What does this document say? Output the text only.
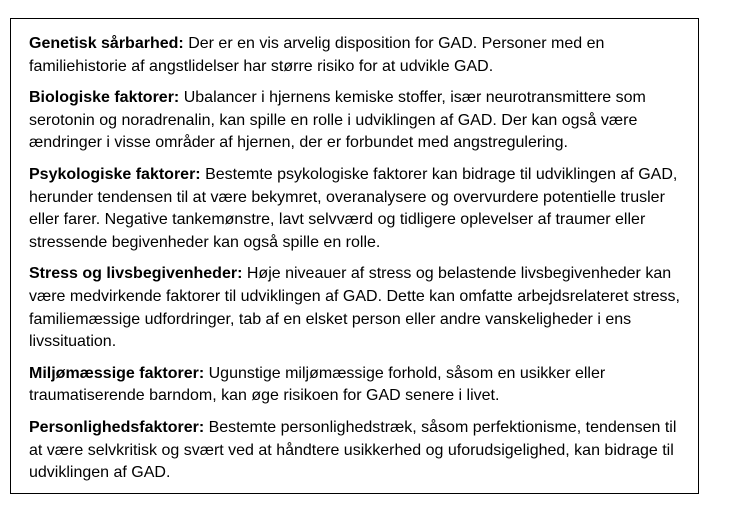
Genetisk sårbarhed: Der er en vis arvelig disposition for GAD. Personer med en familiehistorie af angstlidelser har større risiko for at udvikle GAD.

Biologiske faktorer: Ubalancer i hjernens kemiske stoffer, især neurotransmittere som serotonin og noradrenalin, kan spille en rolle i udviklingen af GAD. Der kan også være ændringer i visse områder af hjernen, der er forbundet med angstregulering.

Psykologiske faktorer: Bestemte psykologiske faktorer kan bidrage til udviklingen af GAD, herunder tendensen til at være bekymret, overanalysere og overvurdere potentielle trusler eller farer. Negative tankemønstre, lavt selvværd og tidligere oplevelser af traumer eller stressende begivenheder kan også spille en rolle.

Stress og livsbegivenheder: Høje niveauer af stress og belastende livsbegivenheder kan være medvirkende faktorer til udviklingen af GAD. Dette kan omfatte arbejdsrelateret stress, familiemæssige udfordringer, tab af en elsket person eller andre vanskeligheder i ens livssituation.

Miljømæssige faktorer: Ugunstige miljømæssige forhold, såsom en usikker eller traumatiserende barndom, kan øge risikoen for GAD senere i livet.

Personlighedsfaktorer: Bestemte personlighedstræk, såsom perfektionisme, tendensen til at være selvkritisk og svært ved at håndtere usikkerhed og uforudsigelighed, kan bidrage til udviklingen af GAD.
